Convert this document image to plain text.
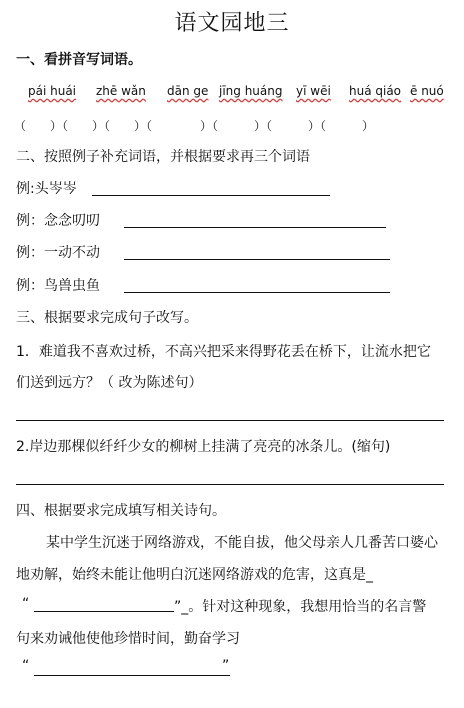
语文园地三
一、看拼音写词语。
pái huái zhē wǎn dān ge jīng huáng yī wēi huá qiáo ē nuó
（　　）（　　）（　　）（　　　　）（　　　）（　　　）（　　　）
二、按照例子补充词语，并根据要求再三个词语
例:头岑岑
例：念念叨叨
例：一动不动
例：鸟兽虫鱼
三、根据要求完成句子改写。
1．难道我不喜欢过桥，不高兴把采来得野花丢在桥下，让流水把它
们送到远方？（ 改为陈述句）
2.岸边那棵似纤纤少女的柳树上挂满了亮亮的冰条儿。(缩句)
四、根据要求完成填写相关诗句。
某中学生沉迷于网络游戏，不能自拔，他父母亲人几番苦口婆心
地劝解，始终未能让他明白沉迷网络游戏的危害，这真是_
“	”_。针对这种现象，我想用恰当的名言警
句来劝诫他使他珍惜时间，勤奋学习
“	”
